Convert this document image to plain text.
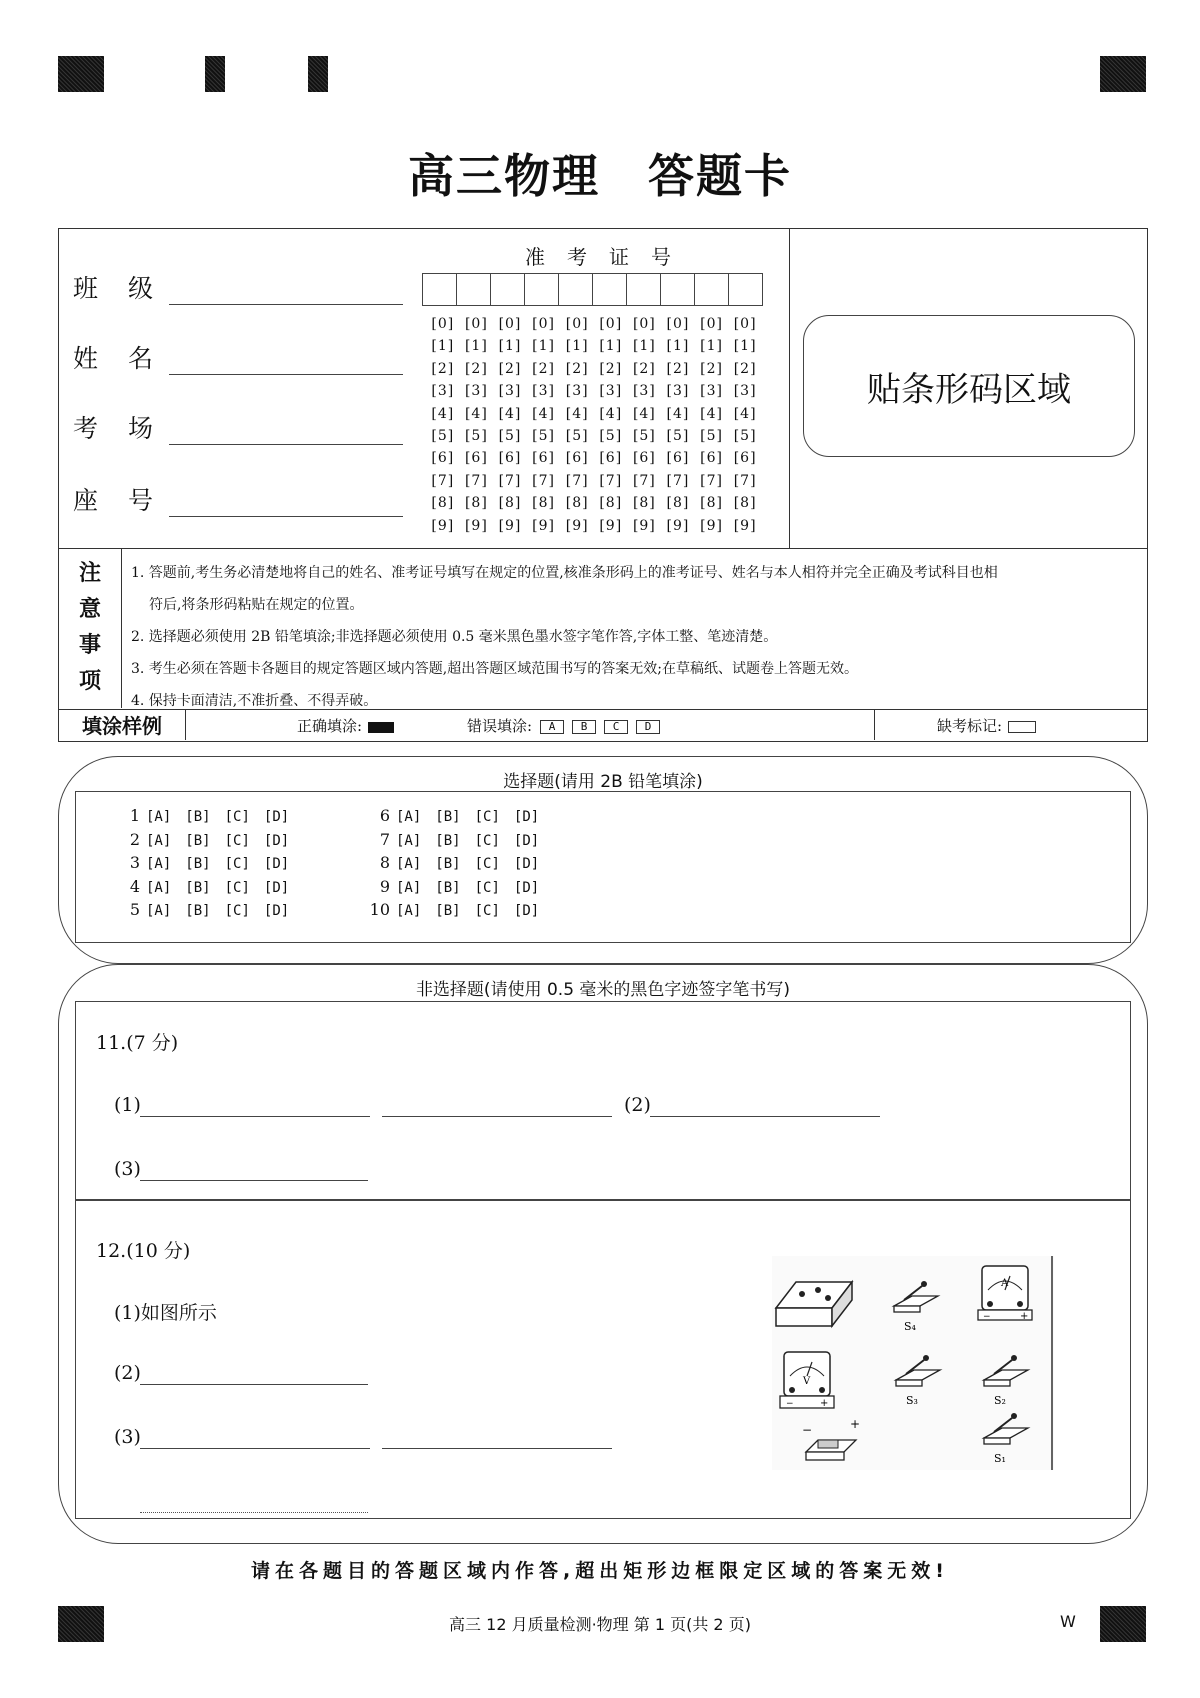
高三物理 答题卡
班级
姓名
考场
座号
准考证号
[0] [0] [0] [0] [0] [0] [0] [0] [0] [0]
[1] [1] [1] [1] [1] [1] [1] [1] [1] [1]
[2] [2] [2] [2] [2] [2] [2] [2] [2] [2]
[3] [3] [3] [3] [3] [3] [3] [3] [3] [3]
[4] [4] [4] [4] [4] [4] [4] [4] [4] [4]
[5] [5] [5] [5] [5] [5] [5] [5] [5] [5]
[6] [6] [6] [6] [6] [6] [6] [6] [6] [6]
[7] [7] [7] [7] [7] [7] [7] [7] [7] [7]
[8] [8] [8] [8] [8] [8] [8] [8] [8] [8]
[9] [9] [9] [9] [9] [9] [9] [9] [9] [9]
贴条形码区域
注
意
事
项

1. 答题前,考生务必清楚地将自己的姓名、准考证号填写在规定的位置,核准条形码上的准考证号、姓名与本人相符并完全正确及考试科目也相

符后,将条形码粘贴在规定的位置。

2. 选择题必须使用 2B 铅笔填涂;非选择题必须使用 0.5 毫米黑色墨水签字笔作答,字体工整、笔迹清楚。

3. 考生必须在答题卡各题目的规定答题区域内答题,超出答题区域范围书写的答案无效;在草稿纸、试题卷上答题无效。

4. 保持卡面清洁,不准折叠、不得弄破。

填涂样例	正确填涂:	错误填涂: A B C D	缺考标记:
选择题(请用 2B 铅笔填涂)
1 [A] [B] [C] [D]
2 [A] [B] [C] [D]
3 [A] [B] [C] [D]
4 [A] [B] [C] [D]
5 [A] [B] [C] [D]
6 [A] [B] [C] [D]
7 [A] [B] [C] [D]
8 [A] [B] [C] [D]
9 [A] [B] [C] [D]
10 [A] [B] [C] [D]
非选择题(请使用 0.5 毫米的黑色字迹签字笔书写)
11.(7 分)
(1)	(2)
(3)
12.(10 分)
(1)如图所示
(2)
(3)
S₄
A
−	+
V
−	+	S₃	S₂
−	+
S₁
请在各题目的答题区域内作答,超出矩形边框限定区域的答案无效!
高三 12 月质量检测·物理 第 1 页(共 2 页)	W
